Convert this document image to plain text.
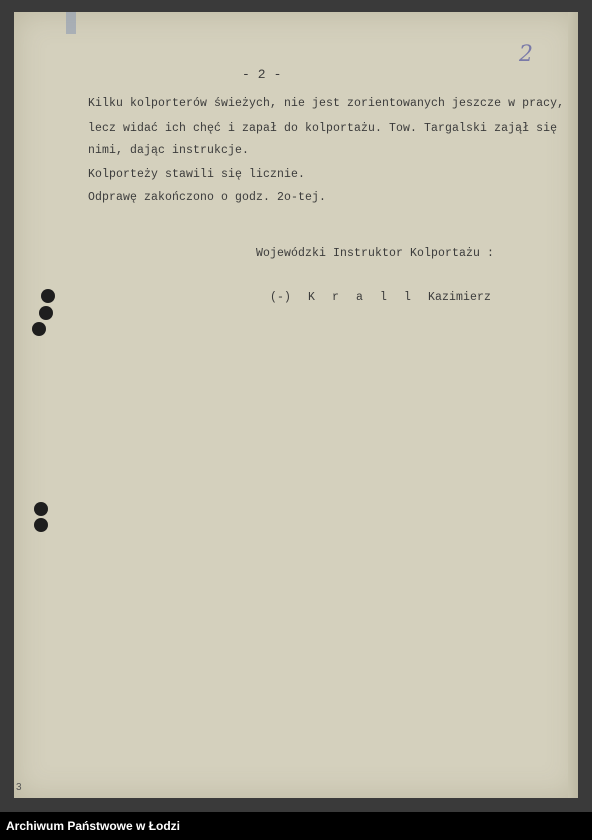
- 2 -
2
Kilku kolporterów świeżych, nie jest zorientowanych jeszcze w pracy,
lecz widać ich chęć i zapał do kolportażu. Tow. Targalski zajął się
nimi, dając instrukcje.
Kolporteży stawili się licznie.
Odprawę zakończono o godz. 2o-tej.
Wojewódzki Instruktor Kolportażu :
(-) K r a l l Kazimierz
3
Archiwum Państwowe w Łodzi
